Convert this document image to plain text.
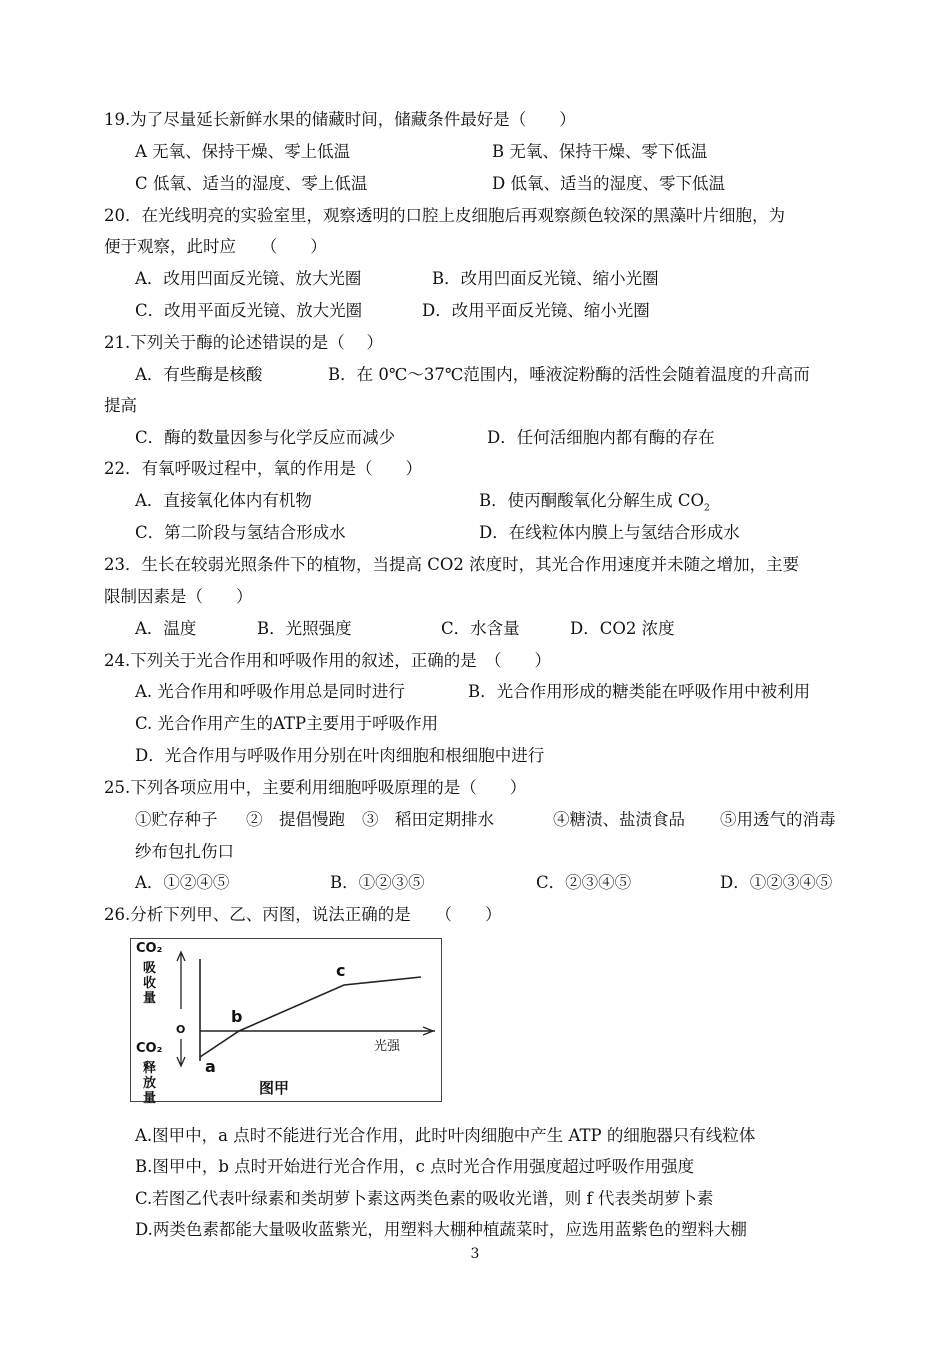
19.为了尽量延长新鲜水果的储藏时间，储藏条件最好是（　　）
A 无氧、保持干燥、零上低温	B 无氧、保持干燥、零下低温
C 低氧、适当的湿度、零上低温	D 低氧、适当的湿度、零下低温
20．在光线明亮的实验室里，观察透明的口腔上皮细胞后再观察颜色较深的黑藻叶片细胞，为
便于观察，此时应　　（　　）
A．改用凹面反光镜、放大光圈	B．改用凹面反光镜、缩小光圈
C．改用平面反光镜、放大光圈	D．改用平面反光镜、缩小光圈
21.下列关于酶的论述错误的是（　 ）
A．有些酶是核酸	B．在 0℃～37℃范围内，唾液淀粉酶的活性会随着温度的升高而
提高
C．酶的数量因参与化学反应而减少	D．任何活细胞内都有酶的存在
22．有氧呼吸过程中，氧的作用是（　　）
A．直接氧化体内有机物	B．使丙酮酸氧化分解生成 $CO_2$
C．第二阶段与氢结合形成水	D．在线粒体内膜上与氢结合形成水
23．生长在较弱光照条件下的植物，当提高 CO2 浓度时，其光合作用速度并未随之增加，主要
限制因素是（　　）
A．温度	B．光照强度	C．水含量	D．CO2 浓度
24.下列关于光合作用和呼吸作用的叙述，正确的是　（　　）
A. 光合作用和呼吸作用总是同时进行	B．光合作用形成的糖类能在呼吸作用中被利用
C. 光合作用产生的ATP主要用于呼吸作用
D．光合作用与呼吸作用分别在叶肉细胞和根细胞中进行
25.下列各项应用中，主要利用细胞呼吸原理的是（　　）
①贮存种子 ②　提倡慢跑 ③　稻田定期排水	④糖渍、盐渍食品 ⑤用透气的消毒
纱布包扎伤口
A．①②④⑤	B．①②③⑤	C．②③④⑤	D．①②③④⑤
26.分析下列甲、乙、丙图，说法正确的是　　（　　）
CO₂
吸
收
量
O
CO₂
释
放
量
a
b
c
光强
图甲
A.图甲中，a 点时不能进行光合作用，此时叶肉细胞中产生 ATP 的细胞器只有线粒体
B.图甲中，b 点时开始进行光合作用，c 点时光合作用强度超过呼吸作用强度
C.若图乙代表叶绿素和类胡萝卜素这两类色素的吸收光谱，则 f 代表类胡萝卜素
D.两类色素都能大量吸收蓝紫光，用塑料大棚种植蔬菜时，应选用蓝紫色的塑料大棚
3
